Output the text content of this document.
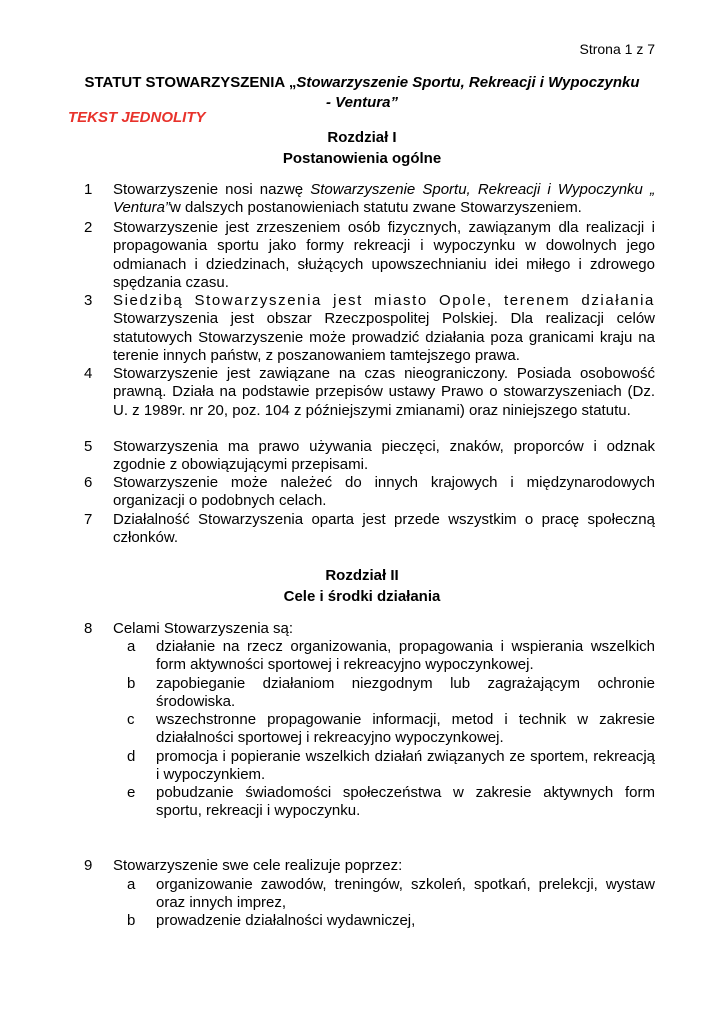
Strona 1 z 7
STATUT STOWARZYSZENIA „Stowarzyszenie Sportu, Rekreacji i Wypoczynku
- Ventura”
TEKST JEDNOLITY
Rozdział I
Postanowienia ogólne
1 Stowarzyszenie nosi nazwę Stowarzyszenie Sportu, Rekreacji i Wypoczynku „ Ventura”w dalszych postanowieniach statutu zwane Stowarzyszeniem.
2 Stowarzyszenie jest zrzeszeniem osób fizycznych, zawiązanym dla realizacji i propagowania sportu jako formy rekreacji i wypoczynku w dowolnych jego odmianach i dziedzinach, służących upowszechnianiu idei miłego i zdrowego spędzania czasu.
3 Siedzibą Stowarzyszenia jest miasto Opole, terenem działania
Stowarzyszenia jest obszar Rzeczpospolitej Polskiej. Dla realizacji celów statutowych Stowarzyszenie może prowadzić działania poza granicami kraju na terenie innych państw, z poszanowaniem tamtejszego prawa.
4 Stowarzyszenie jest zawiązane na czas nieograniczony. Posiada osobowość prawną. Działa na podstawie przepisów ustawy Prawo o stowarzyszeniach (Dz. U. z 1989r. nr 20, poz. 104 z późniejszymi zmianami) oraz niniejszego statutu.
5 Stowarzyszenia ma prawo używania pieczęci, znaków, proporców i odznak zgodnie z obowiązującymi przepisami.
6 Stowarzyszenie może należeć do innych krajowych i międzynarodowych organizacji o podobnych celach.
7 Działalność Stowarzyszenia oparta jest przede wszystkim o pracę społeczną członków.
Rozdział II
Cele i środki działania
8 Celami Stowarzyszenia są:
a działanie na rzecz organizowania, propagowania i wspierania wszelkich form aktywności sportowej i rekreacyjno wypoczynkowej.
b zapobieganie działaniom niezgodnym lub zagrażającym ochronie środowiska.
c wszechstronne propagowanie informacji, metod i technik w zakresie działalności sportowej i rekreacyjno wypoczynkowej.
d promocja i popieranie wszelkich działań związanych ze sportem, rekreacją i wypoczynkiem.
e pobudzanie świadomości społeczeństwa w zakresie aktywnych form sportu, rekreacji i wypoczynku.
9 Stowarzyszenie swe cele realizuje poprzez:
a organizowanie zawodów, treningów, szkoleń, spotkań, prelekcji, wystaw oraz innych imprez,
b prowadzenie działalności wydawniczej,
